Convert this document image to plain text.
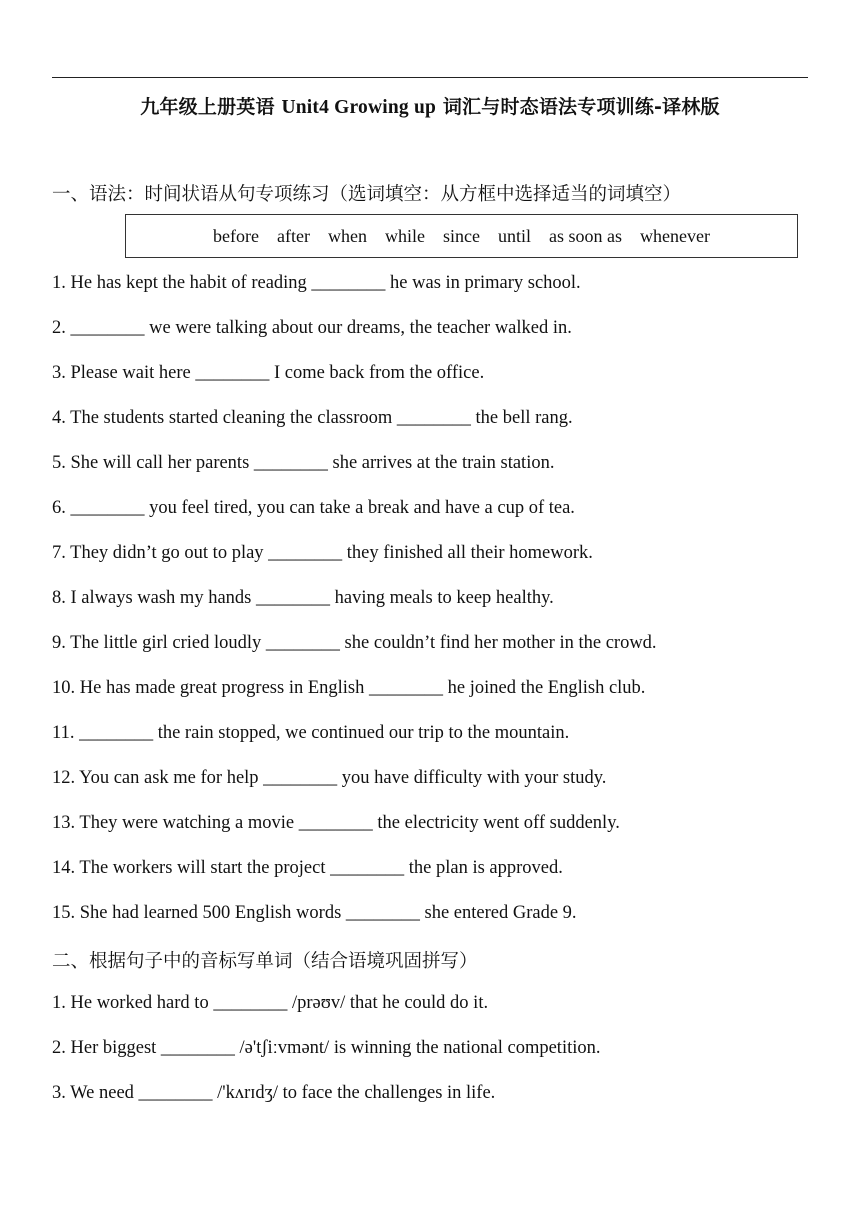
九年级上册英语 Unit4 Growing up 词汇与时态语法专项训练-译林版
一、语法：时间状语从句专项练习（选词填空：从方框中选择适当的词填空）
before after when while since until as soon as whenever
1. He has kept the habit of reading ________ he was in primary school.
2. ________ we were talking about our dreams, the teacher walked in.
3. Please wait here ________ I come back from the office.
4. The students started cleaning the classroom ________ the bell rang.
5. She will call her parents ________ she arrives at the train station.
6. ________ you feel tired, you can take a break and have a cup of tea.
7. They didn’t go out to play ________ they finished all their homework.
8. I always wash my hands ________ having meals to keep healthy.
9. The little girl cried loudly ________ she couldn’t find her mother in the crowd.
10. He has made great progress in English ________ he joined the English club.
11. ________ the rain stopped, we continued our trip to the mountain.
12. You can ask me for help ________ you have difficulty with your study.
13. They were watching a movie ________ the electricity went off suddenly.
14. The workers will start the project ________ the plan is approved.
15. She had learned 500 English words ________ she entered Grade 9.
二、根据句子中的音标写单词（结合语境巩固拼写）
1. He worked hard to ________ /prəʊv/ that he could do it.
2. Her biggest ________ /ə'tʃiːvmənt/ is winning the national competition.
3. We need ________ /'kʌrɪdʒ/ to face the challenges in life.
